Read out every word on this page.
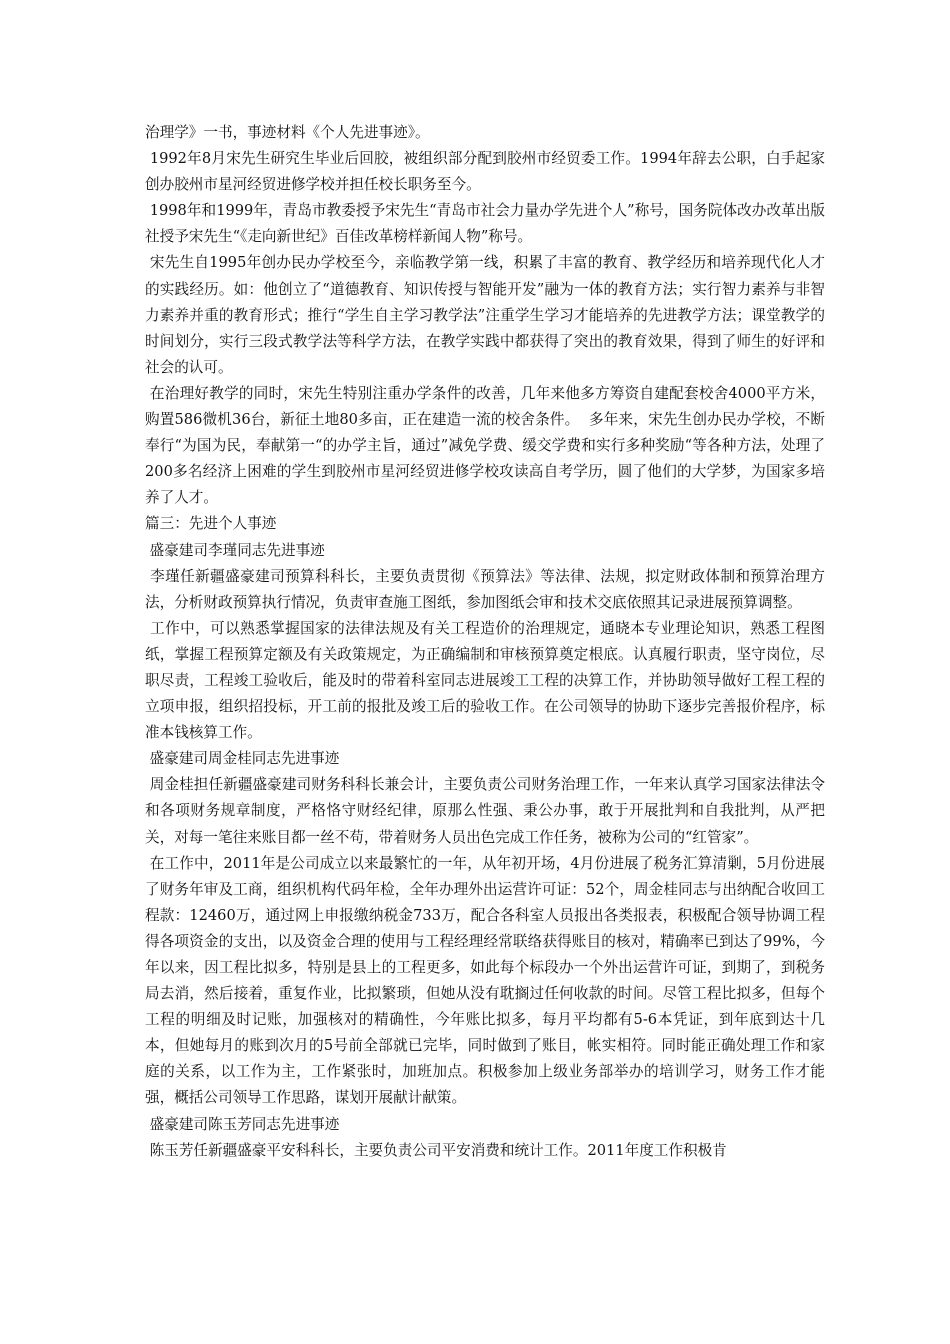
治理学》一书，事迹材料《个人先进事迹》。

1992年8月宋先生研究生毕业后回胶，被组织部分配到胶州市经贸委工作。1994年辞去公职，白手起家创办胶州市星河经贸进修学校并担任校长职务至今。

1998年和1999年，青岛市教委授予宋先生“青岛市社会力量办学先进个人”称号，国务院体改办改革出版社授予宋先生“《走向新世纪》百佳改革榜样新闻人物”称号。

宋先生自1995年创办民办学校至今，亲临教学第一线，积累了丰富的教育、教学经历和培养现代化人才的实践经历。如：他创立了“道德教育、知识传授与智能开发”融为一体的教育方法；实行智力素养与非智力素养并重的教育形式；推行“学生自主学习教学法”注重学生学习才能培养的先进教学方法；课堂教学的时间划分，实行三段式教学法等科学方法，在教学实践中都获得了突出的教育效果，得到了师生的好评和社会的认可。

在治理好教学的同时，宋先生特别注重办学条件的改善，几年来他多方筹资自建配套校舍4000平方米，购置586微机36台，新征土地80多亩，正在建造一流的校舍条件。  多年来，宋先生创办民办学校，不断奉行“为国为民，奉献第一“的办学主旨，通过”减免学费、缓交学费和实行多种奖励“等各种方法，处理了200多名经济上困难的学生到胶州市星河经贸进修学校攻读高自考学历，圆了他们的大学梦，为国家多培养了人才。

篇三：先进个人事迹

盛豪建司李瑾同志先进事迹

李瑾任新疆盛豪建司预算科科长，主要负责贯彻《预算法》等法律、法规，拟定财政体制和预算治理方法，分析财政预算执行情况，负责审查施工图纸，参加图纸会审和技术交底依照其记录进展预算调整。

工作中，可以熟悉掌握国家的法律法规及有关工程造价的治理规定，通晓本专业理论知识，熟悉工程图纸，掌握工程预算定额及有关政策规定，为正确编制和审核预算奠定根底。认真履行职责，坚守岗位，尽职尽责，工程竣工验收后，能及时的带着科室同志进展竣工工程的决算工作，并协助领导做好工程工程的立项申报，组织招投标，开工前的报批及竣工后的验收工作。在公司领导的协助下逐步完善报价程序，标准本钱核算工作。

盛豪建司周金桂同志先进事迹

周金桂担任新疆盛豪建司财务科科长兼会计，主要负责公司财务治理工作，一年来认真学习国家法律法令和各项财务规章制度，严格恪守财经纪律，原那么性强、秉公办事，敢于开展批判和自我批判，从严把关，对每一笔往来账目都一丝不苟，带着财务人员出色完成工作任务，被称为公司的“红管家”。

在工作中，2011年是公司成立以来最繁忙的一年，从年初开场，4月份进展了税务汇算清剿，5月份进展了财务年审及工商，组织机构代码年检，全年办理外出运营许可证：52个，周金桂同志与出纳配合收回工程款：12460万，通过网上申报缴纳税金733万，配合各科室人员报出各类报表，积极配合领导协调工程得各项资金的支出，以及资金合理的使用与工程经理经常联络获得账目的核对，精确率已到达了99%，今年以来，因工程比拟多，特别是县上的工程更多，如此每个标段办一个外出运营许可证，到期了，到税务局去消，然后接着，重复作业，比拟繁琐，但她从没有耽搁过任何收款的时间。尽管工程比拟多，但每个工程的明细及时记账，加强核对的精确性，今年账比拟多，每月平均都有5-6本凭证，到年底到达十几本，但她每月的账到次月的5号前全部就已完毕，同时做到了账目，帐实相符。同时能正确处理工作和家庭的关系，以工作为主，工作紧张时，加班加点。积极参加上级业务部举办的培训学习，财务工作才能强，概括公司领导工作思路，谋划开展献计献策。

盛豪建司陈玉芳同志先进事迹

陈玉芳任新疆盛豪平安科科长，主要负责公司平安消费和统计工作。2011年度工作积极肯
